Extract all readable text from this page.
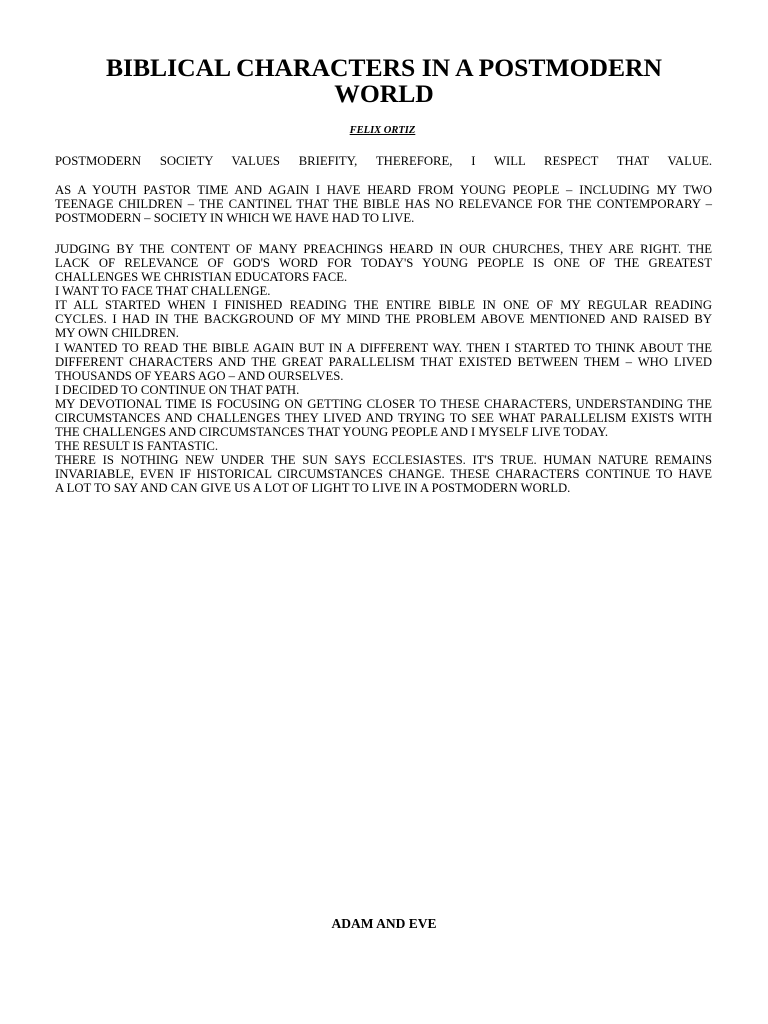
BIBLICAL CHARACTERS IN A POSTMODERN WORLD
FELIX ORTIZ
POSTMODERN SOCIETY VALUES BRIEFITY, THEREFORE, I WILL RESPECT THAT VALUE.
AS A YOUTH PASTOR TIME AND AGAIN I HAVE HEARD FROM YOUNG PEOPLE – INCLUDING MY TWO
TEENAGE CHILDREN – THE CANTINEL THAT THE BIBLE HAS NO RELEVANCE FOR THE CONTEMPORARY –
POSTMODERN – SOCIETY IN WHICH WE HAVE HAD TO LIVE.
JUDGING BY THE CONTENT OF MANY PREACHINGS HEARD IN OUR CHURCHES, THEY ARE RIGHT. THE
LACK OF RELEVANCE OF GOD'S WORD FOR TODAY'S YOUNG PEOPLE IS ONE OF THE GREATEST
CHALLENGES WE CHRISTIAN EDUCATORS FACE.
I WANT TO FACE THAT CHALLENGE.
IT ALL STARTED WHEN I FINISHED READING THE ENTIRE BIBLE IN ONE OF MY REGULAR READING
CYCLES. I HAD IN THE BACKGROUND OF MY MIND THE PROBLEM ABOVE MENTIONED AND RAISED BY
MY OWN CHILDREN.
I WANTED TO READ THE BIBLE AGAIN BUT IN A DIFFERENT WAY. THEN I STARTED TO THINK ABOUT THE
DIFFERENT CHARACTERS AND THE GREAT PARALLELISM THAT EXISTED BETWEEN THEM – WHO LIVED
THOUSANDS OF YEARS AGO – AND OURSELVES.
I DECIDED TO CONTINUE ON THAT PATH.
MY DEVOTIONAL TIME IS FOCUSING ON GETTING CLOSER TO THESE CHARACTERS, UNDERSTANDING THE
CIRCUMSTANCES AND CHALLENGES THEY LIVED AND TRYING TO SEE WHAT PARALLELISM EXISTS WITH
THE CHALLENGES AND CIRCUMSTANCES THAT YOUNG PEOPLE AND I MYSELF LIVE TODAY.
THE RESULT IS FANTASTIC.
THERE IS NOTHING NEW UNDER THE SUN SAYS ECCLESIASTES. IT'S TRUE. HUMAN NATURE REMAINS
INVARIABLE, EVEN IF HISTORICAL CIRCUMSTANCES CHANGE. THESE CHARACTERS CONTINUE TO HAVE
A LOT TO SAY AND CAN GIVE US A LOT OF LIGHT TO LIVE IN A POSTMODERN WORLD.
ADAM AND EVE
